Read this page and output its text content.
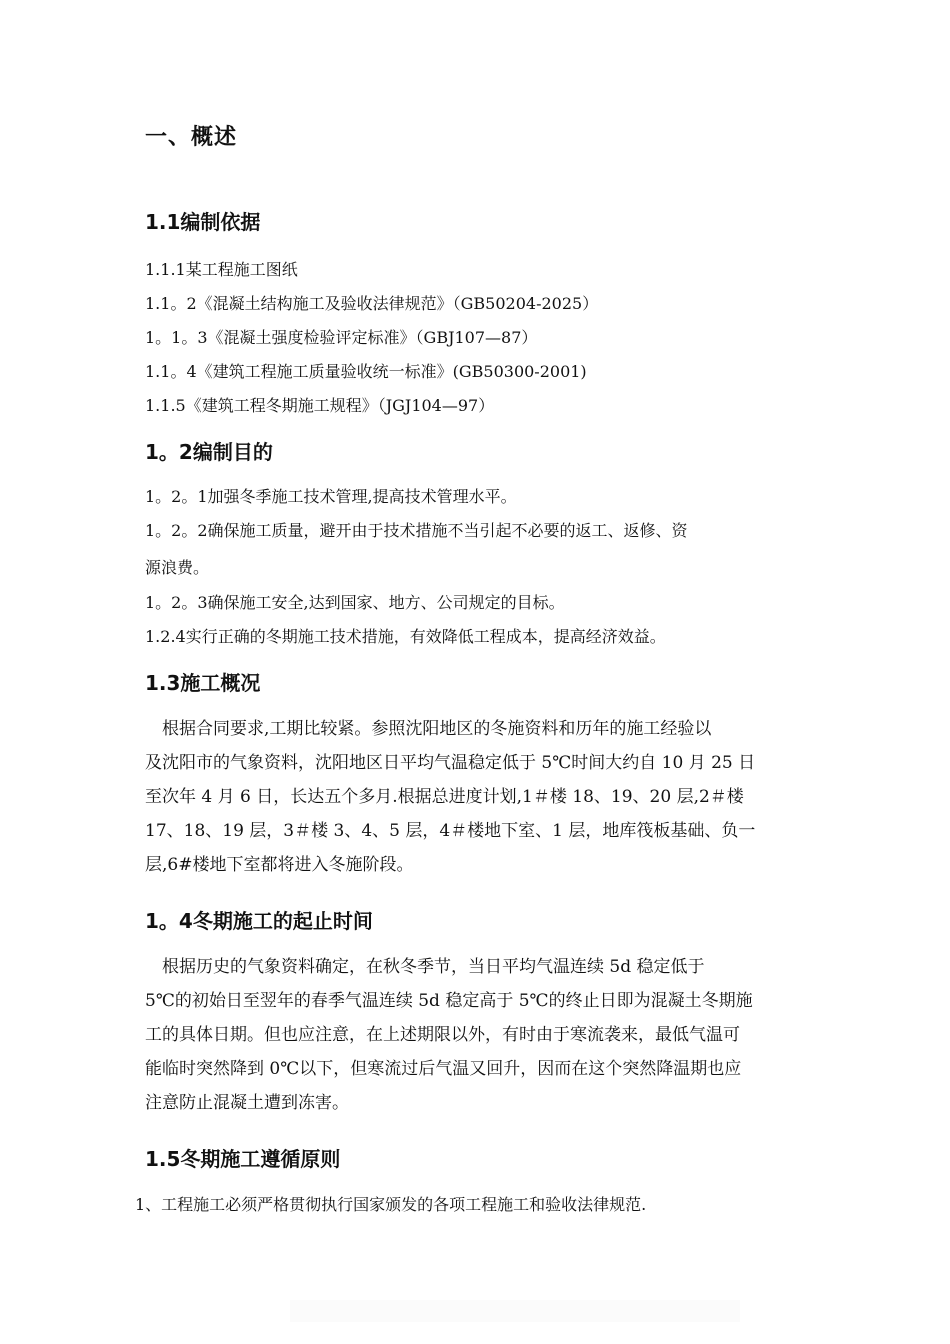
一、概述
1.1编制依据
1.1.1某工程施工图纸
1.1。2《混凝土结构施工及验收法律规范》（GB50204-2025）
1。1。3《混凝土强度检验评定标准》（GBJ107—87）
1.1。4《建筑工程施工质量验收统一标准》(GB50300-2001)
1.1.5《建筑工程冬期施工规程》（JGJ104—97）
1。2编制目的
1。2。1加强冬季施工技术管理,提高技术管理水平。
1。2。2确保施工质量，避开由于技术措施不当引起不必要的返工、返修、资
源浪费。
1。2。3确保施工安全,达到国家、地方、公司规定的目标。
1.2.4实行正确的冬期施工技术措施，有效降低工程成本，提高经济效益。
1.3施工概况
　根据合同要求,工期比较紧。参照沈阳地区的冬施资料和历年的施工经验以
及沈阳市的气象资料，沈阳地区日平均气温稳定低于 5℃时间大约自 10 月 25 日
至次年 4 月 6 日，长达五个多月.根据总进度计划,1＃楼 18、19、20 层,2＃楼
17、18、19 层，3＃楼 3、4、5 层，4＃楼地下室、1 层，地库筏板基础、负一
层,6#楼地下室都将进入冬施阶段。
1。4冬期施工的起止时间
　根据历史的气象资料确定，在秋冬季节，当日平均气温连续 5d 稳定低于
5℃的初始日至翌年的春季气温连续 5d 稳定高于 5℃的终止日即为混凝土冬期施
工的具体日期。但也应注意，在上述期限以外，有时由于寒流袭来，最低气温可
能临时突然降到 0℃以下，但寒流过后气温又回升，因而在这个突然降温期也应
注意防止混凝土遭到冻害。
1.5冬期施工遵循原则
1、工程施工必须严格贯彻执行国家颁发的各项工程施工和验收法律规范.
